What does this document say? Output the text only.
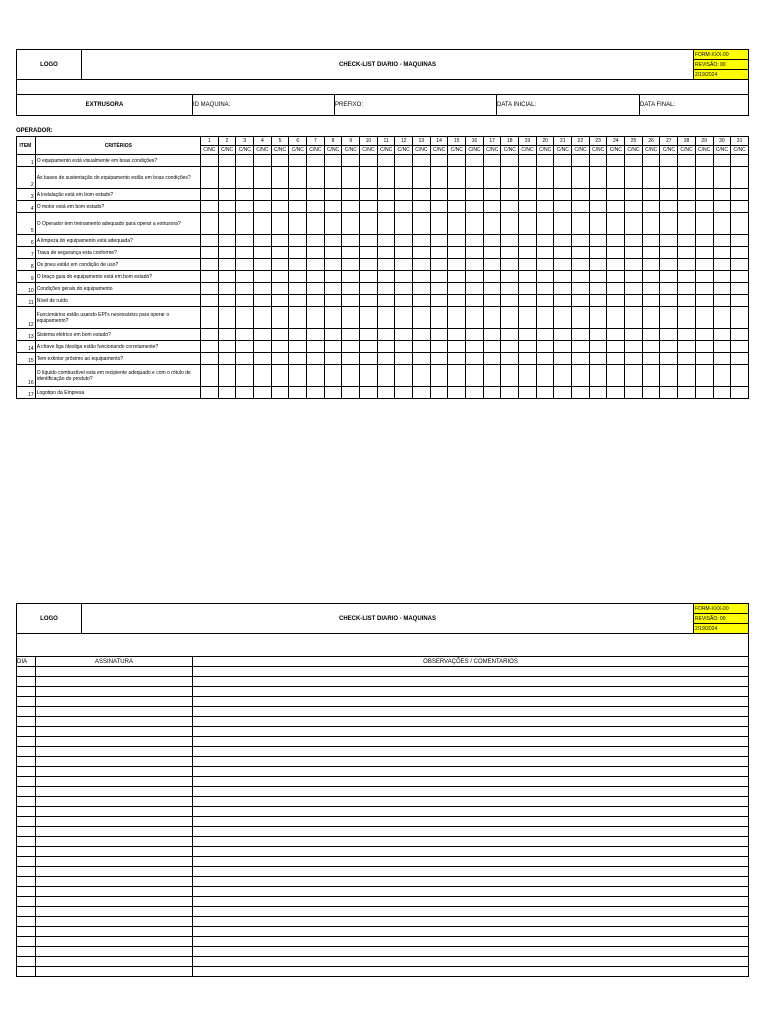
LOGO	CHECK-LIST DIARIO - MAQUINAS	FORM-XXX-00
REVISÃO: 00
2/19/2024
EXTRUSORA	ID MAQUINA:	PREFIXO:	DATA INICIAL:	DATA FINAL:
OPERADOR:
ITEM	CRITÉRIOS	1	2	3	4	5	6	7	8	9	10	11	12	13	14	15	16	17	18	19	20	21	22	23	24	25	26	27	28	29	30	31
		C/NC	C/NC	C/NC	C/NC	C/NC	C/NC	C/NC	C/NC	C/NC	C/NC	C/NC	C/NC	C/NC	C/NC	C/NC	C/NC	C/NC	C/NC	C/NC	C/NC	C/NC	C/NC	C/NC	C/NC	C/NC	C/NC	C/NC	C/NC	C/NC	C/NC	C/NC
1	O equipamento está visualmente em boas condições?																															
2	As bases de sustentação do equipamento estão em boas condições?																															
3	A instalação está em bom estado?																															
4	O motor está em bom estado?																															
5	O Operador tem treinamento adequado para operar a extrusora?																															
6	A limpeza do equipamento está adequada?																															
7	Trava de segurança esta conforme?																															
8	Os pneu estão em condição de uso?																															
9	O braço guia do equipamento está em bom estado?																															
10	Condições gerais do equipamento																															
11	Nível de ruído																															
12	Funcionários estão usando EPI's necessários para operar o equipamento?																															
13	Sistema elétrico em bom estado?																															
14	A chave liga /desliga estão funcionando corretamente?																															
15	Tem extintor próximo ao equipamento?																															
16	O líquido combustível esta em recipiente adequado e com o rótulo de identificação do produto?																															
17	Logotipo da Empresa																															
LOGO	CHECK-LIST DIARIO - MAQUINAS	FORM-XXX-00
REVISÃO: 00
2/19/2024
DIA	ASSINATURA	OBSERVAÇÕES / COMENTARIOS
